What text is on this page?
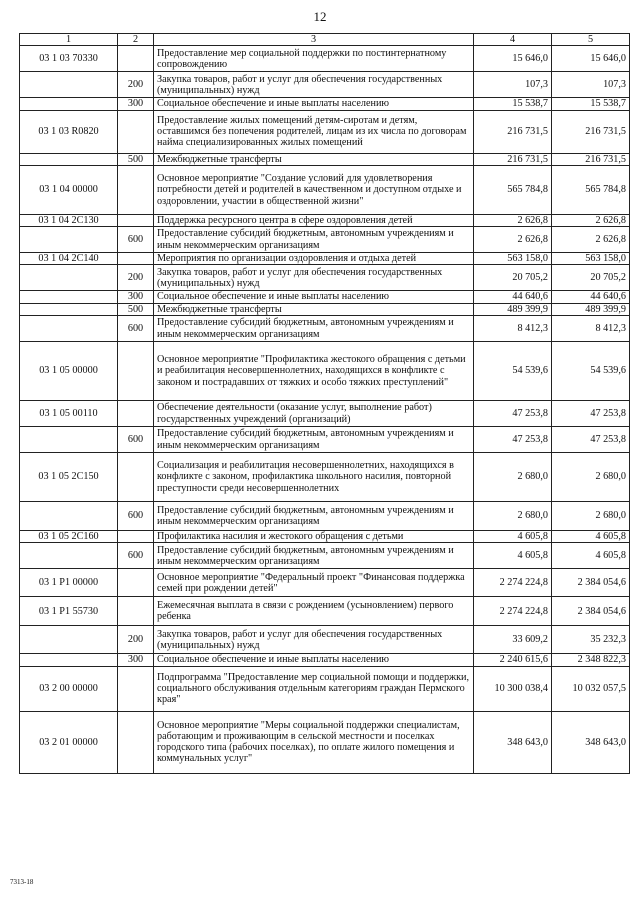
12
1	2	3	4	5
03 1 03 70330		Предоставление мер социальной поддержки по постинтернатному сопровождению	15 646,0	15 646,0
	200	Закупка товаров, работ и услуг для обеспечения государственных (муниципальных) нужд	107,3	107,3
	300	Социальное обеспечение и иные выплаты населению	15 538,7	15 538,7
03 1 03 R0820		Предоставление жилых помещений детям-сиротам и детям, оставшимся без попечения родителей, лицам из их числа по договорам найма специализированных жилых помещений	216 731,5	216 731,5
	500	Межбюджетные трансферты	216 731,5	216 731,5
03 1 04 00000		Основное мероприятие "Создание условий для удовлетворения потребности детей и родителей в качественном и доступном отдыхе и оздоровлении, участии в общественной жизни"	565 784,8	565 784,8
03 1 04 2С130		Поддержка ресурсного центра в сфере оздоровления детей	2 626,8	2 626,8
	600	Предоставление субсидий бюджетным, автономным учреждениям и иным некоммерческим организациям	2 626,8	2 626,8
03 1 04 2С140		Мероприятия по организации оздоровления и отдыха детей	563 158,0	563 158,0
	200	Закупка товаров, работ и услуг для обеспечения государственных (муниципальных) нужд	20 705,2	20 705,2
	300	Социальное обеспечение и иные выплаты населению	44 640,6	44 640,6
	500	Межбюджетные трансферты	489 399,9	489 399,9
	600	Предоставление субсидий бюджетным, автономным учреждениям и иным некоммерческим организациям	8 412,3	8 412,3
03 1 05 00000		Основное мероприятие "Профилактика жестокого обращения с детьми и реабилитация несовершеннолетних, находящихся в конфликте с законом и пострадавших от тяжких и особо тяжких преступлений"	54 539,6	54 539,6
03 1 05 00110		Обеспечение деятельности (оказание услуг, выполнение работ) государственных учреждений (организаций)	47 253,8	47 253,8
	600	Предоставление субсидий бюджетным, автономным учреждениям и иным некоммерческим организациям	47 253,8	47 253,8
03 1 05 2С150		Социализация и реабилитация несовершеннолетних, находящихся в конфликте с законом, профилактика школьного насилия, повторной преступности среди несовершеннолетних	2 680,0	2 680,0
	600	Предоставление субсидий бюджетным, автономным учреждениям и иным некоммерческим организациям	2 680,0	2 680,0
03 1 05 2С160		Профилактика насилия и жестокого обращения с детьми	4 605,8	4 605,8
	600	Предоставление субсидий бюджетным, автономным учреждениям и иным некоммерческим организациям	4 605,8	4 605,8
03 1 P1 00000		Основное мероприятие "Федеральный проект "Финансовая поддержка семей при рождении детей"	2 274 224,8	2 384 054,6
03 1 P1 55730		Ежемесячная выплата в связи с рождением (усыновлением) первого ребенка	2 274 224,8	2 384 054,6
	200	Закупка товаров, работ и услуг для обеспечения государственных (муниципальных) нужд	33 609,2	35 232,3
	300	Социальное обеспечение и иные выплаты населению	2 240 615,6	2 348 822,3
03 2 00 00000		Подпрограмма "Предоставление мер социальной помощи и поддержки, социального обслуживания отдельным категориям граждан Пермского края"	10 300 038,4	10 032 057,5
03 2 01 00000		Основное мероприятие "Меры социальной поддержки специалистам, работающим и проживающим в сельской местности и поселках городского типа (рабочих поселках), по оплате жилого помещения и коммунальных услуг"	348 643,0	348 643,0
7313-18
